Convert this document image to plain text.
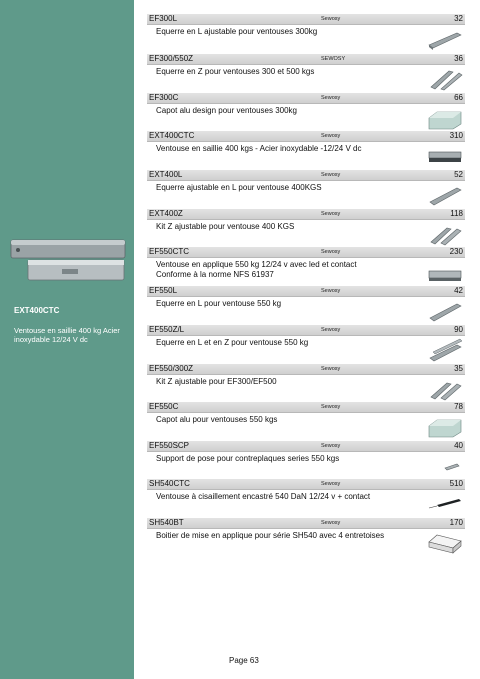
EXT400CTC
Ventouse en saillie 400 kg Acier inoxydable 12/24 V dc
EF300L	Sewosy	32
Equerre en L ajustable pour ventouses 300kg
EF300/550Z	SEWOSY	36
Equerre en Z pour ventouses 300 et 500 kgs
EF300C	Sewosy	66
Capot alu design pour ventouses 300kg
EXT400CTC	Sewosy	310
Ventouse en saillie 400 kgs - Acier inoxydable -12/24 V dc
EXT400L	Sewosy	52
Equerre ajustable en L pour ventouse 400KGS
EXT400Z	Sewosy	118
Kit Z ajustable pour ventouse 400 KGS
EF550CTC	Sewosy	230
Ventouse en applique 550 kg 12/24 v avec led et contact
Conforme à la norme NFS 61937
EF550L	Sewosy	42
Equerre en L pour ventouse 550 kg
EF550Z/L	Sewosy	90
Equerre en L et en Z pour ventouse 550 kg
EF550/300Z	Sewosy	35
Kit Z ajustable pour EF300/EF500
EF550C	Sewosy	78
Capot alu pour ventouses 550 kgs
EF550SCP	Sewosy	40
Support de pose pour contreplaques series 550 kgs
SH540CTC	Sewosy	510
Ventouse à cisaillement encastré 540 DaN 12/24 v + contact
SH540BT	Sewosy	170
Boitier de mise en applique pour série SH540 avec 4 entretoises
Page 63
